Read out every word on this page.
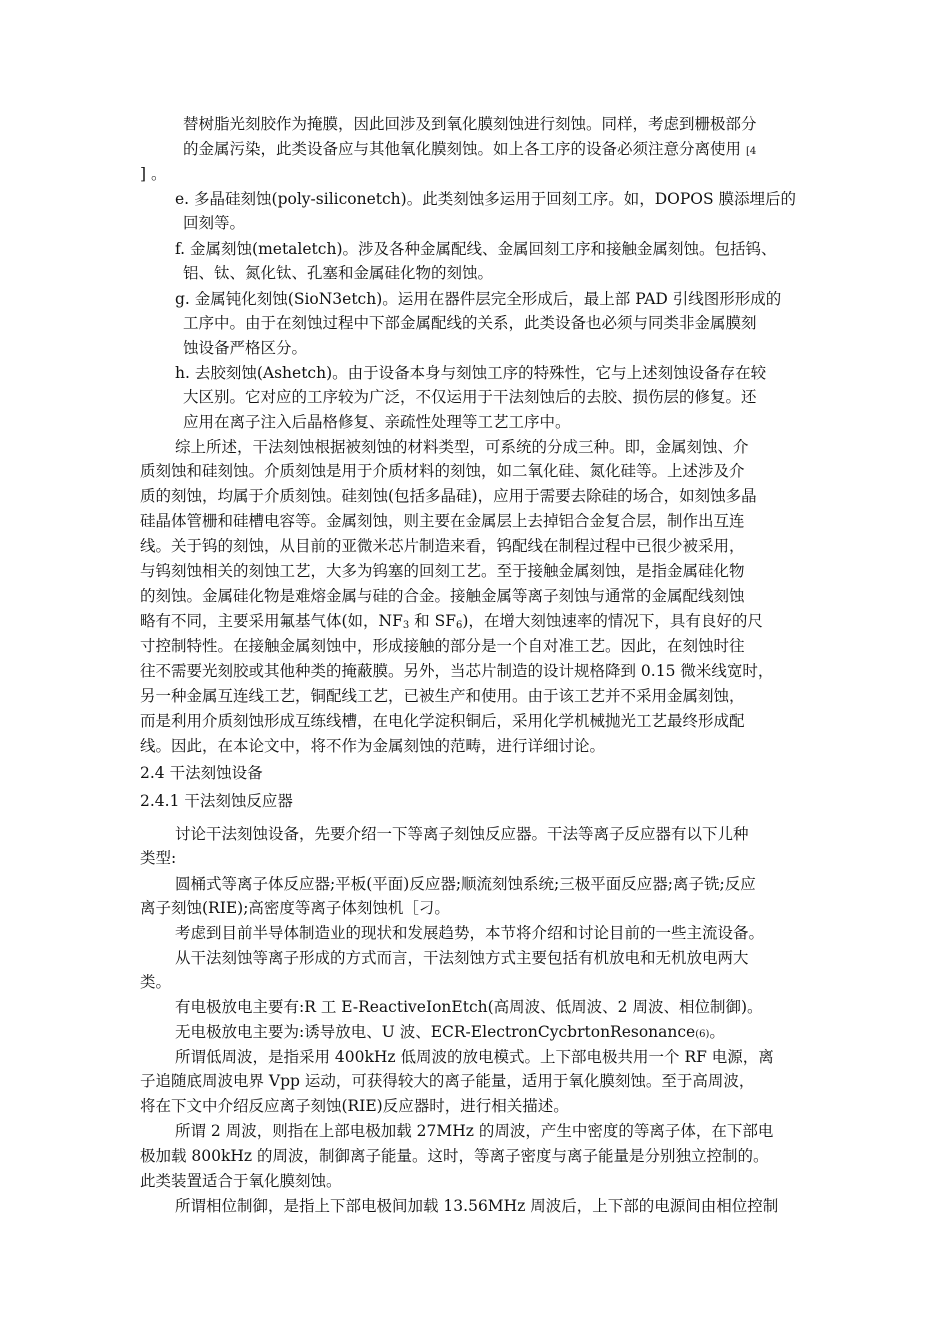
替树脂光刻胶作为掩膜，因此回涉及到氧化膜刻蚀进行刻蚀。同样，考虑到栅极部分
的金属污染，此类设备应与其他氧化膜刻蚀。如上各工序的设备必须注意分离使用 [4
] 。
e. 多晶硅刻蚀(poly-siliconetch)。此类刻蚀多运用于回刻工序。如，DOPOS 膜添埋后的
回刻等。
f. 金属刻蚀(metaletch)。涉及各种金属配线、金属回刻工序和接触金属刻蚀。包括钨、
铝、钛、氮化钛、孔塞和金属硅化物的刻蚀。
g. 金属钝化刻蚀(SioN3etch)。运用在器件层完全形成后，最上部 PAD 引线图形形成的
工序中。由于在刻蚀过程中下部金属配线的关系，此类设备也必须与同类非金属膜刻
蚀设备严格区分。
h. 去胶刻蚀(Ashetch)。由于设备本身与刻蚀工序的特殊性，它与上述刻蚀设备存在较
大区别。它对应的工序较为广泛，不仅运用于干法刻蚀后的去胶、损伤层的修复。还
应用在离子注入后晶格修复、亲疏性处理等工艺工序中。
综上所述，干法刻蚀根据被刻蚀的材料类型，可系统的分成三种。即，金属刻蚀、介
质刻蚀和硅刻蚀。介质刻蚀是用于介质材料的刻蚀，如二氧化硅、氮化硅等。上述涉及介
质的刻蚀，均属于介质刻蚀。硅刻蚀(包括多晶硅)，应用于需要去除硅的场合，如刻蚀多晶
硅晶体管栅和硅槽电容等。金属刻蚀，则主要在金属层上去掉铝合金复合层，制作出互连
线。关于钨的刻蚀，从目前的亚微米芯片制造来看，钨配线在制程过程中已很少被采用，
与钨刻蚀相关的刻蚀工艺，大多为钨塞的回刻工艺。至于接触金属刻蚀，是指金属硅化物
的刻蚀。金属硅化物是难熔金属与硅的合金。接触金属等离子刻蚀与通常的金属配线刻蚀
略有不同，主要采用氟基气体(如，$NF_3$ 和 $SF_6$)，在增大刻蚀速率的情况下，具有良好的尺
寸控制特性。在接触金属刻蚀中，形成接触的部分是一个自对准工艺。因此，在刻蚀时往
往不需要光刻胶或其他种类的掩蔽膜。另外，当芯片制造的设计规格降到 0.15 微米线宽时，
另一种金属互连线工艺，铜配线工艺，已被生产和使用。由于该工艺并不采用金属刻蚀，
而是利用介质刻蚀形成互练线槽，在电化学淀积铜后，采用化学机械抛光工艺最终形成配
线。因此，在本论文中，将不作为金属刻蚀的范畴，进行详细讨论。
2.4 干法刻蚀设备
2.4.1 干法刻蚀反应器
讨论干法刻蚀设备，先要介绍一下等离子刻蚀反应器。干法等离子反应器有以下儿种
类型:
圆桶式等离子体反应器;平板(平面)反应器;顺流刻蚀系统;三极平面反应器;离子铣;反应
离子刻蚀(RIE);高密度等离子体刻蚀机［刁。
考虑到目前半导体制造业的现状和发展趋势，本节将介绍和讨论目前的一些主流设备。
从干法刻蚀等离子形成的方式而言，干法刻蚀方式主要包括有机放电和无机放电两大
类。
有电极放电主要有:R 工 E-ReactiveIonEtch(高周波、低周波、2 周波、相位制御)。
无电极放电主要为:诱导放电、U 波、ECR-ElectronCycbrtonResonance(6)。
所谓低周波，是指采用 400kHz 低周波的放电模式。上下部电极共用一个 RF 电源，离
子追随底周波电界 Vpp 运动，可获得较大的离子能量，适用于氧化膜刻蚀。至于高周波，
将在下文中介绍反应离子刻蚀(RIE)反应器时，进行相关描述。
所谓 2 周波，则指在上部电极加载 27MHz 的周波，产生中密度的等离子体，在下部电
极加载 800kHz 的周波，制御离子能量。这时，等离子密度与离子能量是分别独立控制的。
此类装置适合于氧化膜刻蚀。
所谓相位制御，是指上下部电极间加载 13.56MHz 周波后，上下部的电源间由相位控制
